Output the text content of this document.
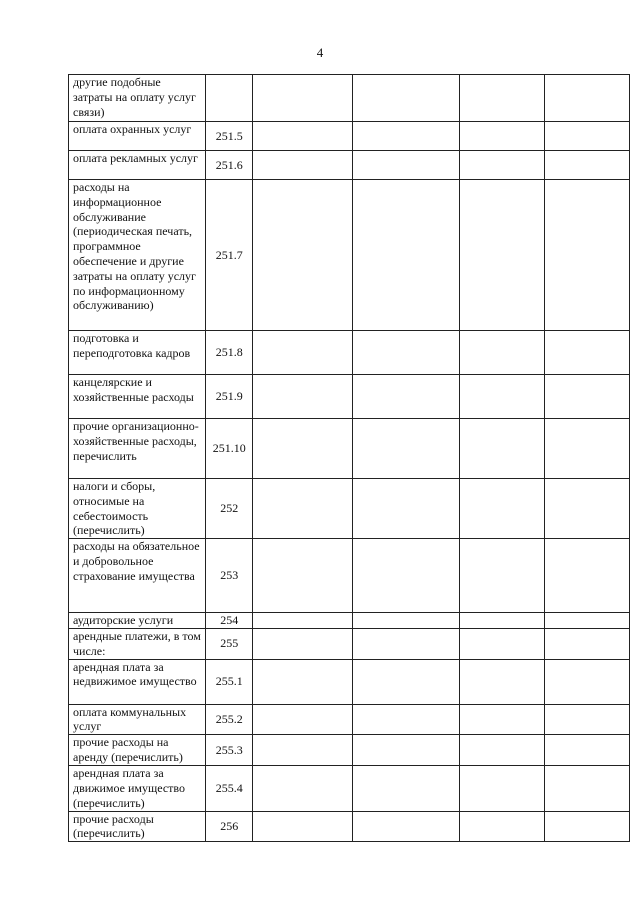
4
другие подобные затраты на оплату услуг связи)					
оплата охранных услуг	251.5				
оплата рекламных услуг	251.6				
расходы на информационное обслуживание (периодическая печать, программное обеспечение и другие затраты на оплату услуг по информационному обслуживанию)	251.7				
подготовка и переподготовка кадров	251.8				
канцелярские и хозяйственные расходы	251.9				
прочие организационно-хозяйственные расходы, перечислить	251.10				
налоги и сборы, относимые на себестоимость (перечислить)	252				
расходы на обязательное и добровольное страхование имущества	253				
аудиторские услуги	254				
арендные платежи, в том числе:	255				
арендная плата за недвижимое имущество	255.1				
оплата коммунальных услуг	255.2				
прочие расходы на аренду (перечислить)	255.3				
арендная плата за движимое имущество (перечислить)	255.4				
прочие расходы (перечислить)	256				
